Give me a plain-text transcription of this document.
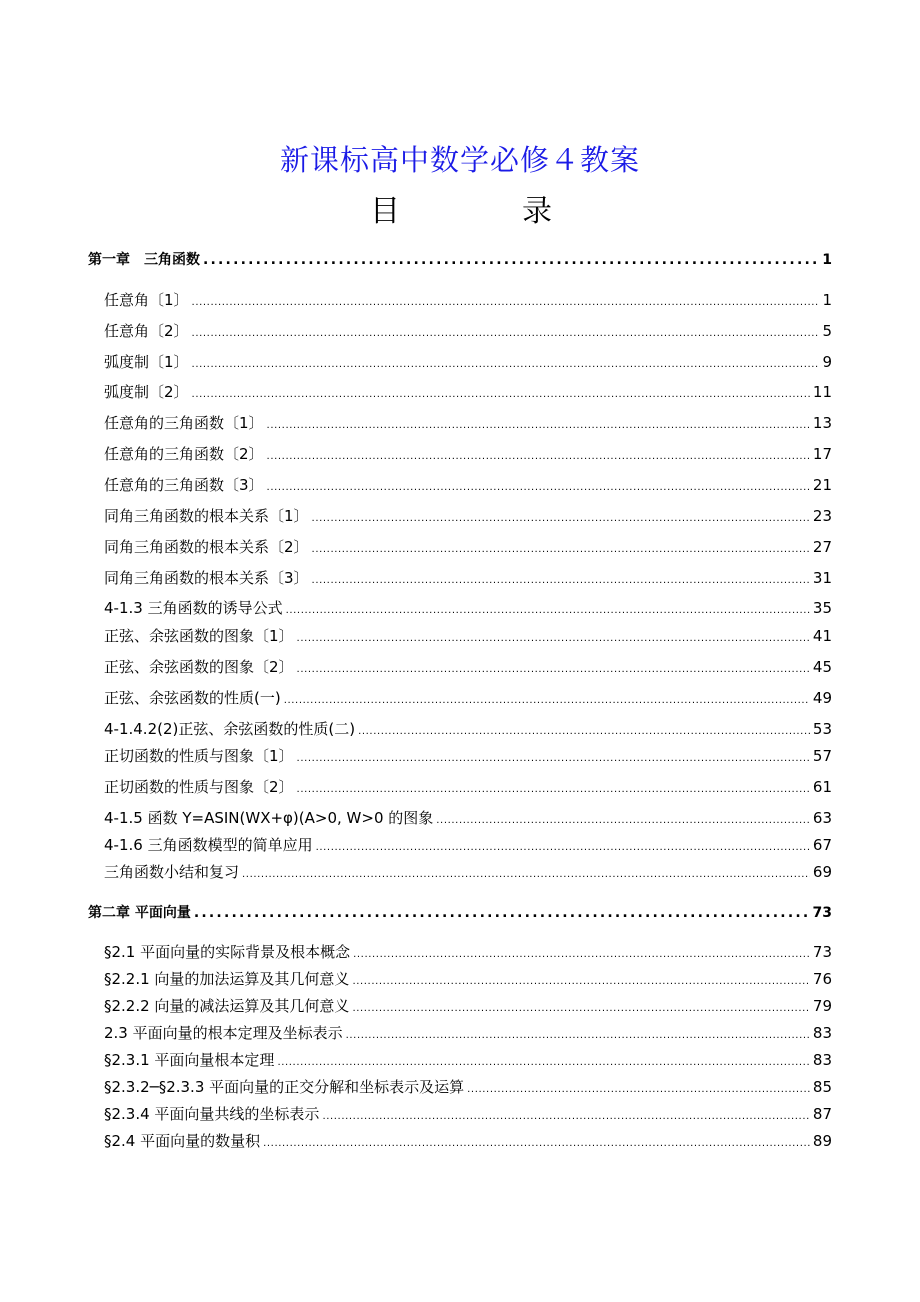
新课标高中数学必修４教案
目	录
第一章　三角函数 .....	1
任意角〔1〕 .....	1
任意角〔2〕 .....	5
弧度制〔1〕 .....	9
弧度制〔2〕 .....	11
任意角的三角函数〔1〕 .....	13
任意角的三角函数〔2〕 .....	17
任意角的三角函数〔3〕 .....	21
同角三角函数的根本关系〔1〕 .....	23
同角三角函数的根本关系〔2〕 .....	27
同角三角函数的根本关系〔3〕 .....	31
4-1.3 三角函数的诱导公式 .....	35
正弦、余弦函数的图象〔1〕 .....	41
正弦、余弦函数的图象〔2〕 .....	45
正弦、余弦函数的性质(一) .....	49
4-1.4.2(2)正弦、余弦函数的性质(二) .....	53
正切函数的性质与图象〔1〕 .....	57
正切函数的性质与图象〔2〕 .....	61
4-1.5 函数 Y=ASIN(WX+φ)(A>0, W>0 的图象 .....	63
4-1.6 三角函数模型的简单应用 .....	67
三角函数小结和复习 .....	69
第二章 平面向量 .....	73
§2.1 平面向量的实际背景及根本概念 .....	73
§2.2.1 向量的加法运算及其几何意义 .....	76
§2.2.2 向量的减法运算及其几何意义 .....	79
2.3 平面向量的根本定理及坐标表示 .....	83
§2.3.1 平面向量根本定理 .....	83
§2.3.2─§2.3.3 平面向量的正交分解和坐标表示及运算 .....	85
§2.3.4 平面向量共线的坐标表示 .....	87
§2.4 平面向量的数量积 .....	89
